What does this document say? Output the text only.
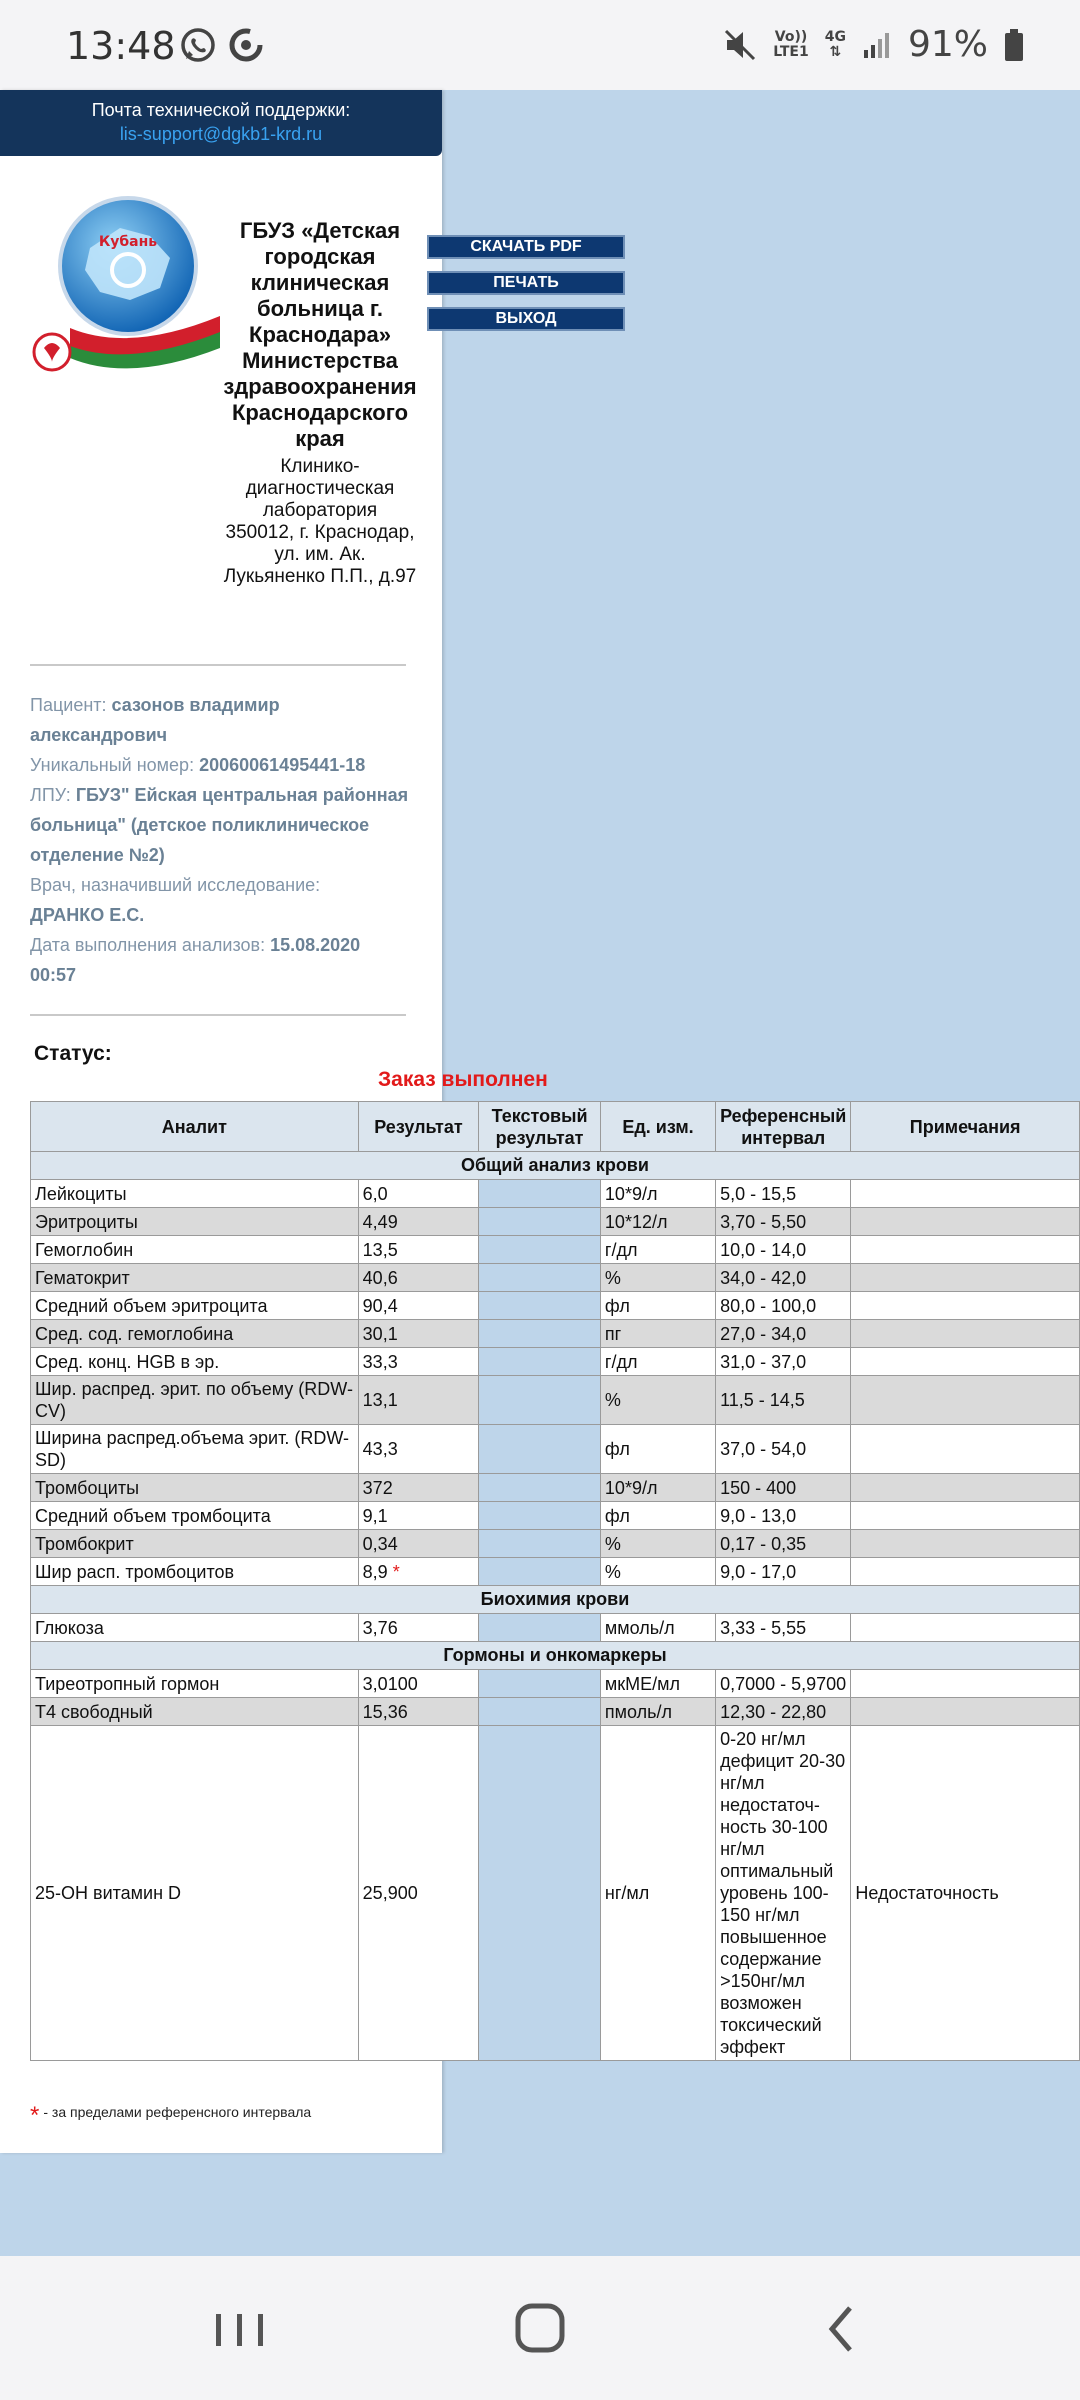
13:48	Vo))
LTE1
4G
⇅ 91%
Почта технической поддержки:
lis-support@dgkb1-krd.ru
Кубань	ГБУЗ «Детская городская клиническая больница г. Краснодара» Министерства здравоохранения Краснодарского края
Клинико-диагностическая лаборатория
350012, г. Краснодар, ул. им. Ак. Лукьяненко П.П., д.97
СКАЧАТЬ PDF
ПЕЧАТЬ
ВЫХОД
Пациент: сазонов владимир александрович
Уникальный номер: 20060061495441-18
ЛПУ: ГБУЗ" Ейская центральная районная больница" (детское поликлиническое отделение №2)
Врач, назначивший исследование:
ДРАНКО Е.С.
Дата выполнения анализов: 15.08.2020 00:57
Статус:
Заказ выполнен
Аналит	Результат	Текстовый результат	Ед. изм.	Референсный интервал	Примечания
Общий анализ крови					
Лейкоциты	6,0		10*9/л	5,0 - 15,5	
Эритроциты	4,49		10*12/л	3,70 - 5,50	
Гемоглобин	13,5		г/дл	10,0 - 14,0	
Гематокрит	40,6		%	34,0 - 42,0	
Средний объем эритроцита	90,4		фл	80,0 - 100,0	
Сред. сод. гемоглобина	30,1		пг	27,0 - 34,0	
Сред. конц. HGB в эр.	33,3		г/дл	31,0 - 37,0	
Шир. распред. эрит. по объему (RDW-CV)	13,1		%	11,5 - 14,5	
Ширина распред.объема эрит. (RDW-SD)	43,3		фл	37,0 - 54,0	
Тромбоциты	372		10*9/л	150 - 400	
Средний объем тромбоцита	9,1		фл	9,0 - 13,0	
Тромбокрит	0,34		%	0,17 - 0,35	
Шир расп. тромбоцитов	8,9 *		%	9,0 - 17,0	
Биохимия крови					
Глюкоза	3,76		ммоль/л	3,33 - 5,55	
Гормоны и онкомаркеры					
Тиреотропный гормон	3,0100		мкМЕ/мл	0,7000 - 5,9700	
Т4 свободный	15,36		пмоль/л	12,30 - 22,80	
25-OH витамин D	25,900		нг/мл	0-20 нг/мл дефицит 20-30 нг/мл недостаточ-ность 30-100 нг/мл оптимальный уровень 100-150 нг/мл повышенное содержание >150нг/мл возможен токсический эффект	Недостаточность
* - за пределами референсного интервала
